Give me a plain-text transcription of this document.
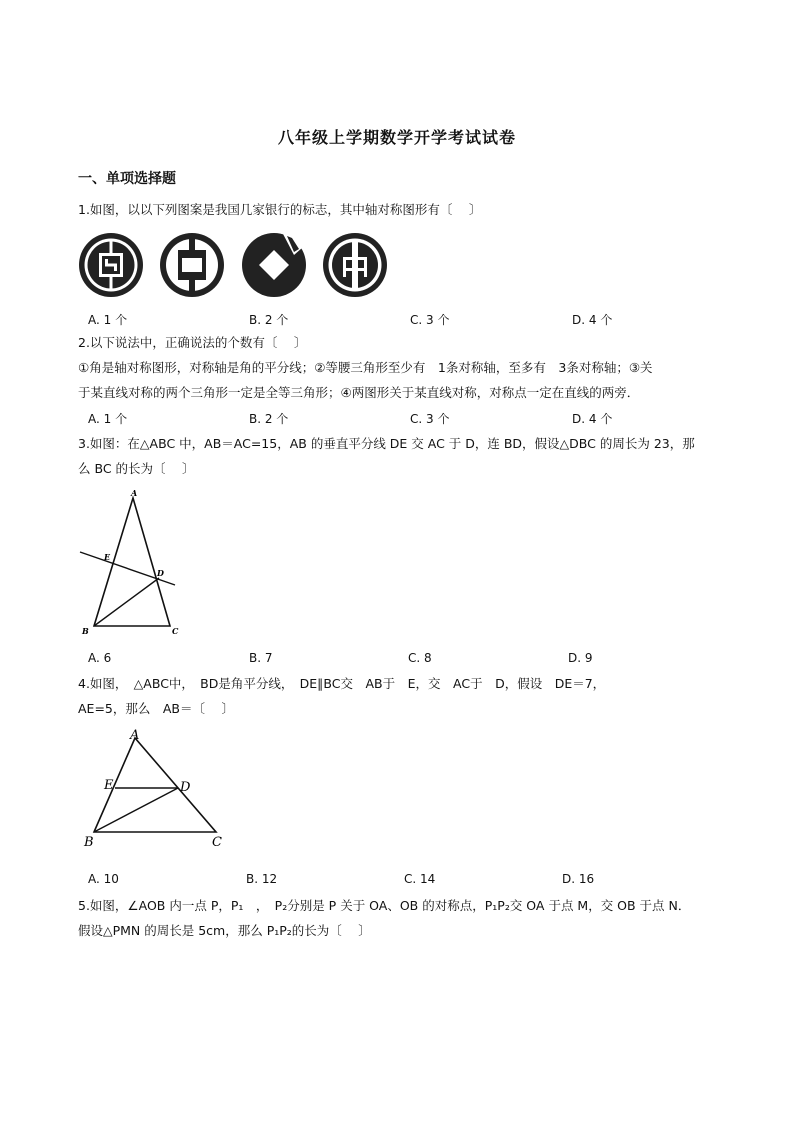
八年级上学期数学开学考试试卷
一、单项选择题
1.如图，以以下列图案是我国几家银行的标志，其中轴对称图形有〔　 〕
A. 1 个	B. 2 个	C. 3 个	D. 4 个
2.以下说法中，正确说法的个数有〔　 〕
①角是轴对称图形，对称轴是角的平分线；②等腰三角形至少有　1条对称轴，至多有　3条对称轴；③关
于某直线对称的两个三角形一定是全等三角形；④两图形关于某直线对称，对称点一定在直线的两旁．
A. 1 个	B. 2 个	C. 3 个	D. 4 个
3.如图：在△ABC 中，AB＝AC=15，AB 的垂直平分线 DE 交 AC 于 D，连 BD，假设△DBC 的周长为 23，那
么 BC 的长为〔　 〕
A
E
D
B	C
A. 6	B. 7	C. 8	D. 9
4.如图，　△ABC中，　BD是角平分线，　DE∥BC交　AB于　E，交　AC于　D，假设　DE＝7，
AE=5，那么　AB＝〔　 〕
A
E	D
B	C
A. 10	B. 12	C. 14	D. 16
5.如图，∠AOB 内一点 P，P₁　，　P₂分别是 P 关于 OA、OB 的对称点，P₁P₂交 OA 于点 M，交 OB 于点 N．
假设△PMN 的周长是 5cm，那么 P₁P₂的长为〔　 〕
